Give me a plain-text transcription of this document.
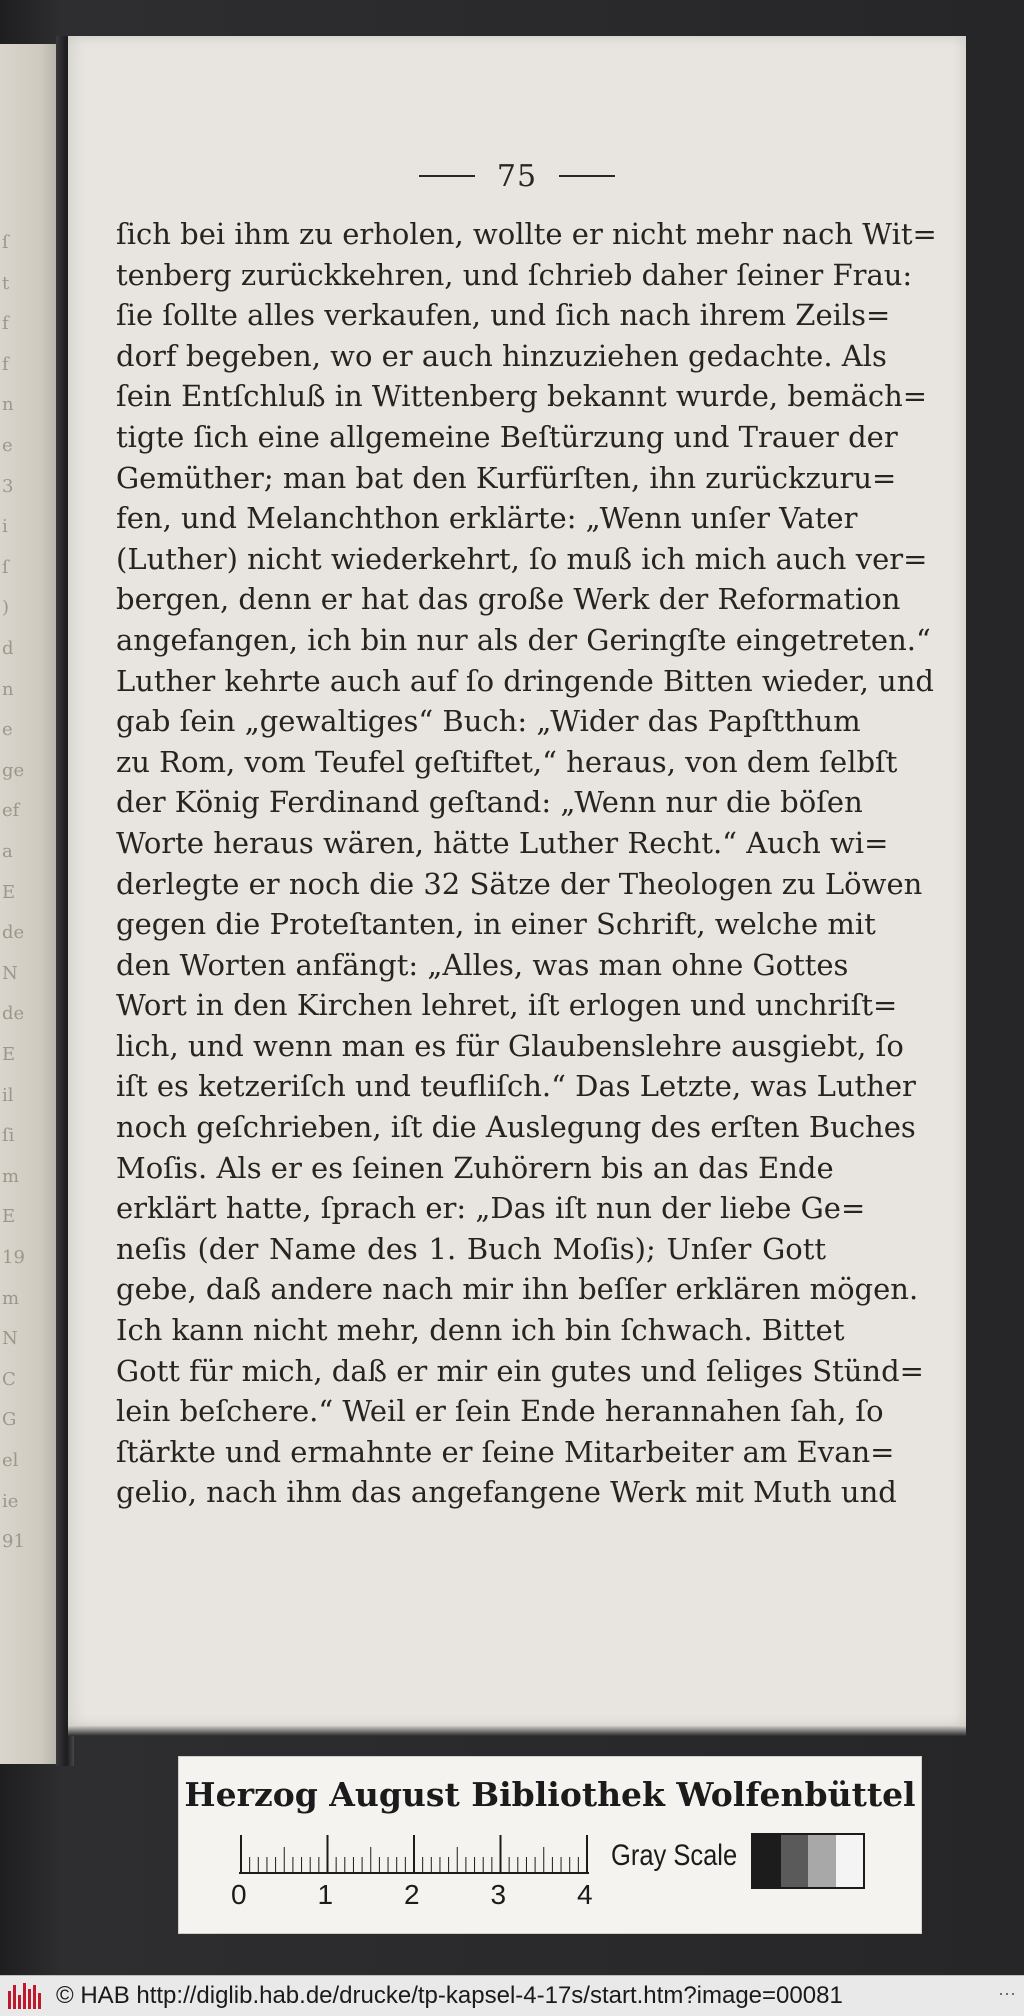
ſ
t
f
f
n
e
3
i
ſ
)
d
n
e
ge
ef
a
E
de
N
de
E
il
ſi
m
E
19
m
N
C
G
el
ie
91
75
ſich bei ihm zu erholen, wollte er nicht mehr nach Wit=
tenberg zurückkehren, und ſchrieb daher ſeiner Frau:
ſie ſollte alles verkaufen, und ſich nach ihrem Zeils=
dorf begeben, wo er auch hinzuziehen gedachte. Als
ſein Entſchluß in Wittenberg bekannt wurde, bemäch=
tigte ſich eine allgemeine Beſtürzung und Trauer der
Gemüther; man bat den Kurfürſten, ihn zurückzuru=
fen, und Melanchthon erklärte: „Wenn unſer Vater
(Luther) nicht wiederkehrt, ſo muß ich mich auch ver=
bergen, denn er hat das große Werk der Reformation
angefangen, ich bin nur als der Geringſte eingetreten.“
Luther kehrte auch auf ſo dringende Bitten wieder, und
gab ſein „gewaltiges“ Buch: „Wider das Papſtthum
zu Rom, vom Teufel geſtiftet,“ heraus, von dem ſelbſt
der König Ferdinand geſtand: „Wenn nur die böſen
Worte heraus wären, hätte Luther Recht.“ Auch wi=
derlegte er noch die 32 Sätze der Theologen zu Löwen
gegen die Proteſtanten, in einer Schrift, welche mit
den Worten anfängt: „Alles, was man ohne Gottes
Wort in den Kirchen lehret, iſt erlogen und unchriſt=
lich, und wenn man es für Glaubenslehre ausgiebt, ſo
iſt es ketzeriſch und teufliſch.“ Das Letzte, was Luther
noch geſchrieben, iſt die Auslegung des erſten Buches
Moſis. Als er es ſeinen Zuhörern bis an das Ende
erklärt hatte, ſprach er: „Das iſt nun der liebe Ge=
neſis (der Name des 1. Buch Moſis); Unſer Gott
gebe, daß andere nach mir ihn beſſer erklären mögen.
Ich kann nicht mehr, denn ich bin ſchwach. Bittet
Gott für mich, daß er mir ein gutes und ſeliges Stünd=
lein beſchere.“ Weil er ſein Ende herannahen ſah, ſo
ſtärkte und ermahnte er ſeine Mitarbeiter am Evan=
gelio, nach ihm das angefangene Werk mit Muth und
Herzog August Bibliothek Wolfenbüttel
0	1	2	3	4
Gray Scale
© HAB http://diglib.hab.de/drucke/tp-kapsel-4-17s/start.htm?image=00081	⋯
